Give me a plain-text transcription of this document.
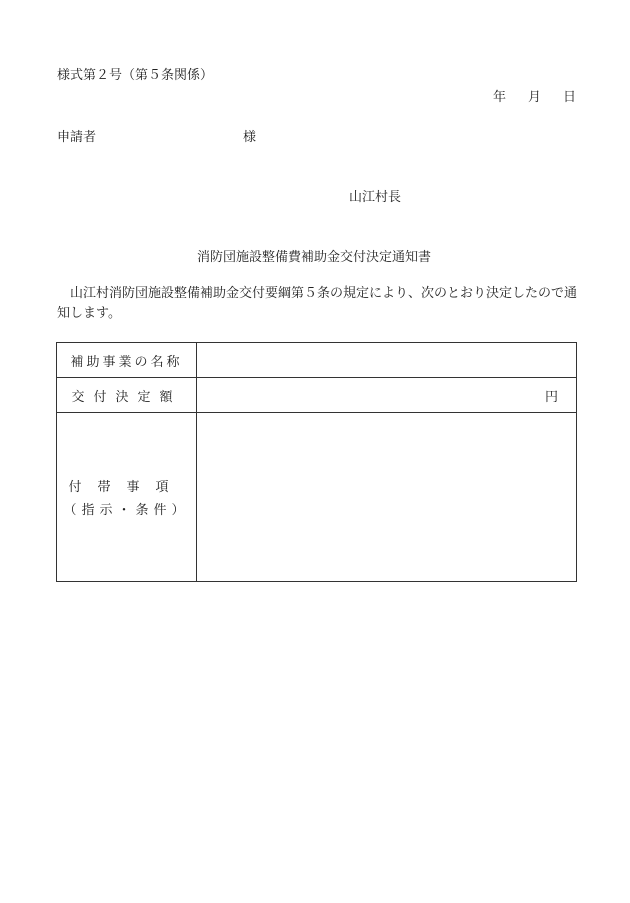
様式第２号（第５条関係）
年 月 日
申請者	様
山江村長
消防団施設整備費補助金交付決定通知書
山江村消防団施設整備補助金交付要綱第５条の規定により、次のとおり決定したので通知します。
補助事業の名称	
交付決定額	円

付帯事項
（指示・条件）	
